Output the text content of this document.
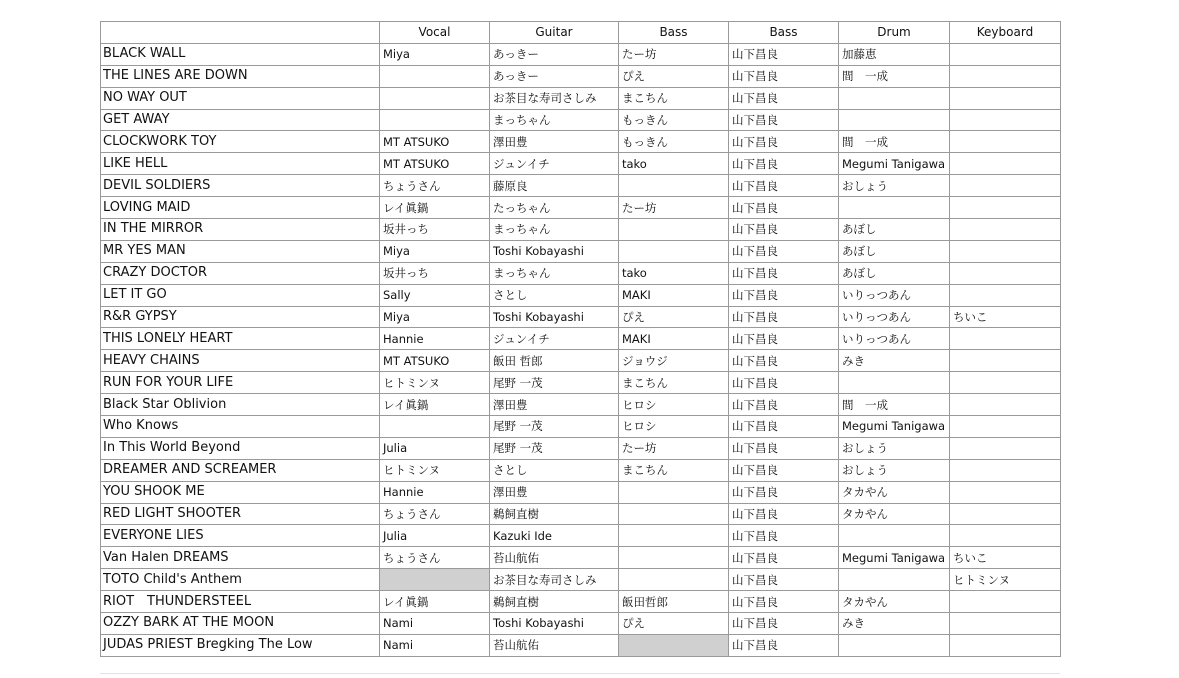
	Vocal	Guitar	Bass	Bass	Drum	Keyboard
BLACK WALL	Miya	あっきー	たー坊	山下昌良	加藤恵	
THE LINES ARE DOWN		あっきー	ぴえ	山下昌良	間　一成	
NO WAY OUT		お茶目な寿司さしみ	まこちん	山下昌良		
GET AWAY		まっちゃん	もっきん	山下昌良		
CLOCKWORK TOY	MT ATSUKO	澤田豊	もっきん	山下昌良	間　一成	
LIKE HELL	MT ATSUKO	ジュンイチ	tako	山下昌良	Megumi Tanigawa	
DEVIL SOLDIERS	ちょうさん	藤原良		山下昌良	おしょう	
LOVING MAID	レイ眞鍋	たっちゃん	たー坊	山下昌良		
IN THE MIRROR	坂井っち	まっちゃん		山下昌良	あぼし	
MR YES MAN	Miya	Toshi Kobayashi		山下昌良	あぼし	
CRAZY DOCTOR	坂井っち	まっちゃん	tako	山下昌良	あぼし	
LET IT GO	Sally	さとし	MAKI	山下昌良	いりっつあん	
R&R GYPSY	Miya	Toshi Kobayashi	ぴえ	山下昌良	いりっつあん	ちいこ
THIS LONELY HEART	Hannie	ジュンイチ	MAKI	山下昌良	いりっつあん	
HEAVY CHAINS	MT ATSUKO	飯田 哲郎	ジョウジ	山下昌良	みき	
RUN FOR YOUR LIFE	ヒトミンヌ	尾野 一茂	まこちん	山下昌良		
Black Star Oblivion	レイ眞鍋	澤田豊	ヒロシ	山下昌良	間　一成	
Who Knows		尾野 一茂	ヒロシ	山下昌良	Megumi Tanigawa	
In This World Beyond	Julia	尾野 一茂	たー坊	山下昌良	おしょう	
DREAMER AND SCREAMER	ヒトミンヌ	さとし	まこちん	山下昌良	おしょう	
YOU SHOOK ME	Hannie	澤田豊		山下昌良	タカやん	
RED LIGHT SHOOTER	ちょうさん	鵜飼直樹		山下昌良	タカやん	
EVERYONE LIES	Julia	Kazuki Ide		山下昌良		
Van Halen DREAMS	ちょうさん	苔山航佑		山下昌良	Megumi Tanigawa	ちいこ
TOTO Child's Anthem		お茶目な寿司さしみ		山下昌良		ヒトミンヌ
RIOT　THUNDERSTEEL	レイ眞鍋	鵜飼直樹	飯田哲郎	山下昌良	タカやん	
OZZY BARK AT THE MOON	Nami	Toshi Kobayashi	ぴえ	山下昌良	みき	
JUDAS PRIEST Bregking The Low	Nami	苔山航佑		山下昌良		
